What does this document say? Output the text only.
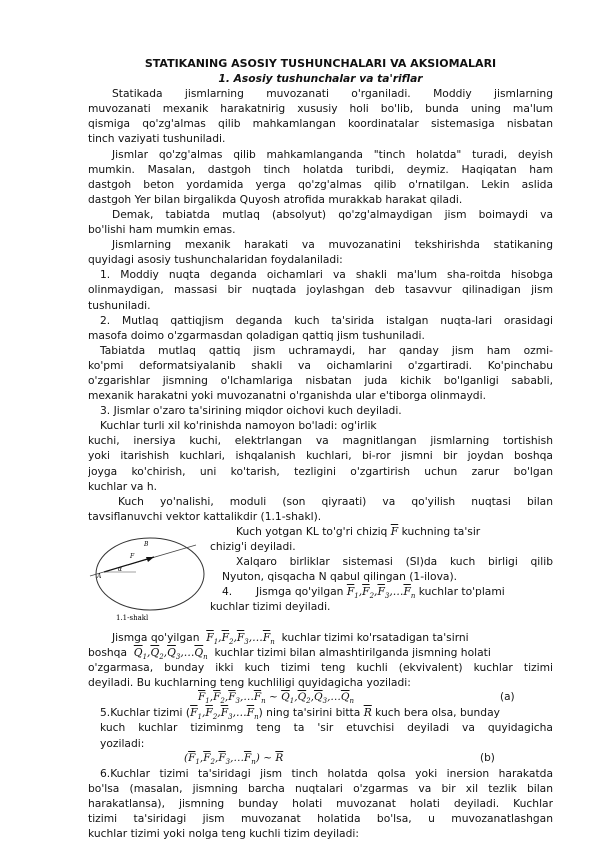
STATIKANING ASOSIY TUSHUNCHALARI VA AKSIOMALARI
1. Asosiy tushunchalar va ta'riflar
Statikada jismlarning muvozanati o'rganiladi. Moddiy jismlarning
muvozanati mexanik harakatnirig xususiy holi bo'lib, bunda uning ma'lum
qismiga qo'zg'almas qilib mahkamlangan koordinatalar sistemasiga nisbatan
tinch vaziyati tushuniladi.
Jismlar qo'zg'almas qilib mahkamlanganda "tinch holatda" turadi, deyish
mumkin. Masalan, dastgoh tinch holatda turibdi, deymiz. Haqiqatan ham
dastgoh beton yordamida yerga qo'zg'almas qilib o'rnatilgan. Lekin aslida
dastgoh Yer bilan birgalikda Quyosh atrofida murakkab harakat qiladi.
Demak, tabiatda mutlaq (absolyut) qo'zg'almaydigan jism boimaydi va
bo'lishi ham mumkin emas.
Jismlarning mexanik harakati va muvozanatini tekshirishda statikaning
quyidagi asosiy tushunchalaridan foydalaniladi:
1. Moddiy nuqta deganda oichamlari va shakli ma'lum sha-roitda hisobga
olinmaydigan, massasi bir nuqtada joylashgan deb tasavvur qilinadigan jism
tushuniladi.
2. Mutlaq qattiqjism deganda kuch ta'sirida istalgan nuqta-lari orasidagi
masofa doimo o'zgarmasdan qoladigan qattiq jism tushuniladi.
Tabiatda mutlaq qattiq jism uchramaydi, har qanday jism ham ozmi-
ko'pmi deformatsiyalanib shakli va oichamlarini o'zgartiradi. Ko'pinchabu
o'zgarishlar jismning o'lchamlariga nisbatan juda kichik bo'lganligi sababli,
mexanik harakatni yoki muvozanatni o'rganishda ular e'tiborga olinmaydi.
3. Jismlar o'zaro ta'sirining miqdor oichovi kuch deyiladi.
Kuchlar turli xil ko'rinishda namoyon bo'ladi: og'irlik
kuchi, inersiya kuchi, elektrlangan va magnitlangan jismlarning tortishish
yoki itarishish kuchlari, ishqalanish kuchlari, bi-ror jismni bir joydan boshqa
joyga ko'chirish, uni ko'tarish, tezligini o'zgartirish uchun zarur bo'lgan
kuchlar va h.
Kuch yo'nalishi, moduli (son qiyraati) va qo'yilish nuqtasi bilan
tavsiflanuvchi vektor kattalikdir (1.1-shakl).
A
F
α
B
1.1-shakl
Kuch yotgan KL to'g'ri chiziq $\overline{F}$ kuchning ta'sir
chizig'i deyiladi.
Xalqaro birliklar sistemasi (SI)da kuch birligi qilib
Nyuton, qisqacha N qabul qilingan (1-ilova).
4. Jismga qo'yilgan $\overline{F}_1,\overline{F}_2,\overline{F}_3,\dots\overline{F}_n$ kuchlar to'plami
kuchlar tizimi deyiladi.
Jismga qo'yilgan $\overline{F}_1,\overline{F}_2,\overline{F}_3,\dots\overline{F}_n$ kuchlar tizimi ko'rsatadigan ta'sirni
boshqa $\overline{Q}_1,\overline{Q}_2,\overline{Q}_3,\dots\overline{Q}_n$ kuchlar tizimi bilan almashtirilganda jismning holati
o'zgarmasa, bunday ikki kuch tizimi teng kuchli (ekvivalent) kuchlar tizimi
deyiladi. Bu kuchlarning teng kuchliligi quyidagicha yoziladi:
$\overline{F}_1,\overline{F}_2,\overline{F}_3,\dots\overline{F}_n$ ~ $\overline{Q}_1,\overline{Q}_2,\overline{Q}_3,\dots\overline{Q}_n$	(a)
5.Kuchlar tizimi $(\overline{F}_1,\overline{F}_2,\overline{F}_3,\dots\overline{F}_n)$ ning ta'sirini bitta $\overline{R}$ kuch bera olsa, bunday
kuch kuchlar tiziminmg teng ta 'sir etuvchisi deyiladi va quyidagicha
yoziladi:
$(\overline{F}_1,\overline{F}_2,\overline{F}_3,\dots\overline{F}_n)$ ~ $\overline{R}$	(b)
6.Kuchlar tizimi ta'siridagi jism tinch holatda qolsa yoki inersion harakatda
bo'lsa (masalan, jismning barcha nuqtalari o'zgarmas va bir xil tezlik bilan
harakatlansa), jismning bunday holati muvozanat holati deyiladi. Kuchlar
tizimi ta'siridagi jism muvozanat holatida bo'lsa, u muvozanatlashgan
kuchlar tizimi yoki nolga teng kuchli tizim deyiladi:
